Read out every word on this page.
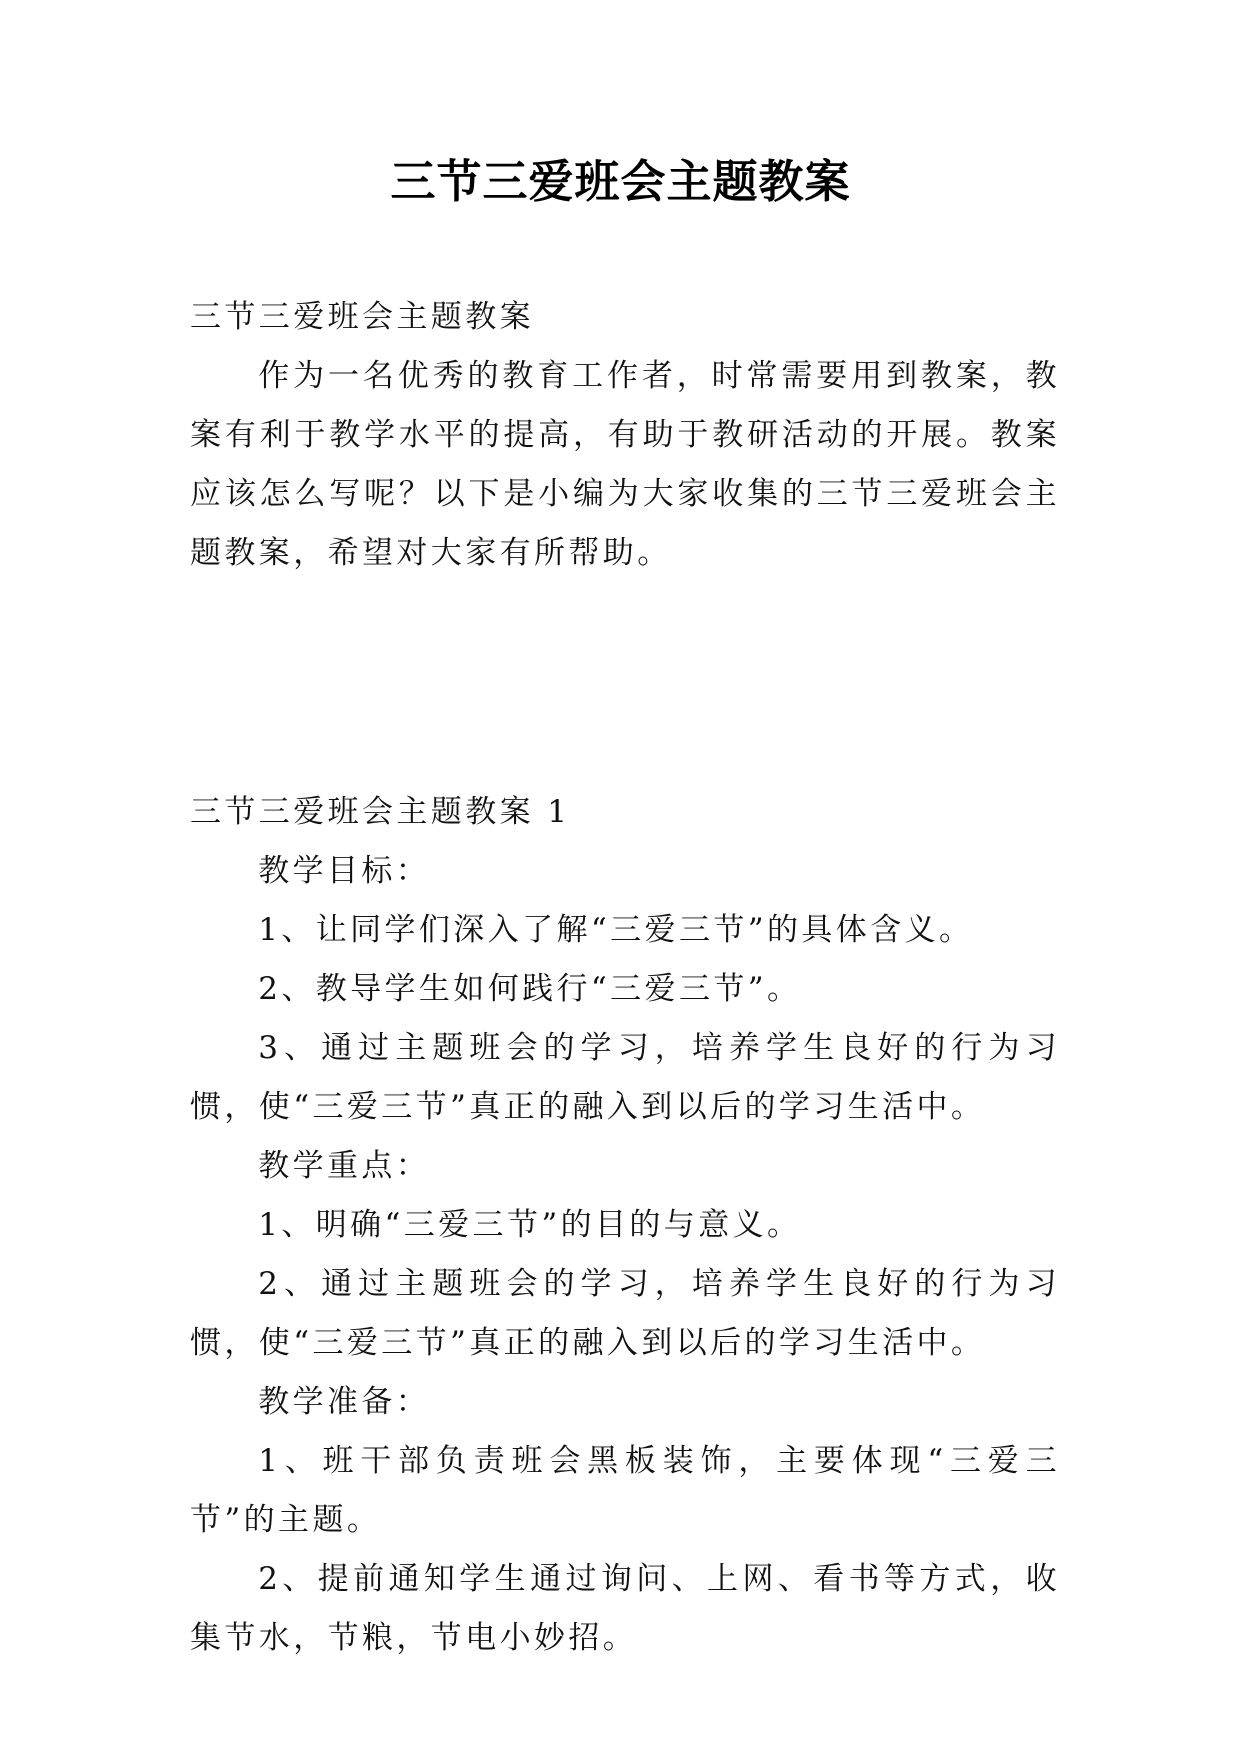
三节三爱班会主题教案

三节三爱班会主题教案

作为一名优秀的教育工作者，时常需要用到教案，教案有利于教学水平的提高，有助于教研活动的开展。教案应该怎么写呢？以下是小编为大家收集的三节三爱班会主题教案，希望对大家有所帮助。

三节三爱班会主题教案 1

教学目标：

1、让同学们深入了解“三爱三节”的具体含义。

2、教导学生如何践行“三爱三节”。

3、通过主题班会的学习，培养学生良好的行为习惯，使“三爱三节”真正的融入到以后的学习生活中。

教学重点：

1、明确“三爱三节”的目的与意义。

2、通过主题班会的学习，培养学生良好的行为习惯，使“三爱三节”真正的融入到以后的学习生活中。

教学准备：

1、班干部负责班会黑板装饰，主要体现“三爱三节”的主题。

2、提前通知学生通过询问、上网、看书等方式，收集节水，节粮，节电小妙招。
